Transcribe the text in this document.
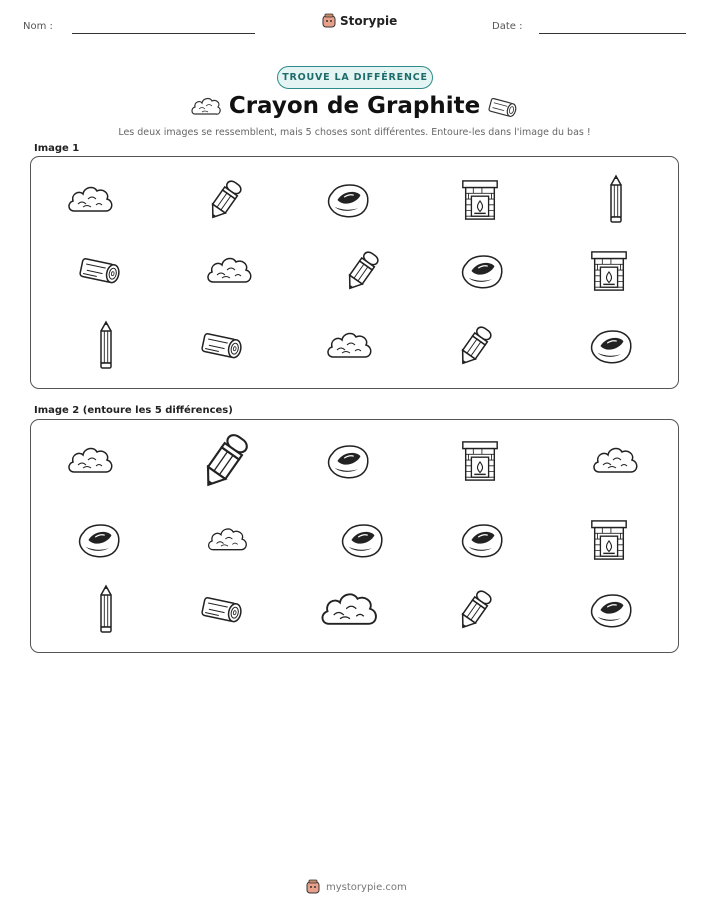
Nom :	Storypie	Date :
TROUVE LA DIFFÉRENCE
Crayon de Graphite
Les deux images se ressemblent, mais 5 choses sont différentes. Entoure-les dans l'image du bas !
Image 1
Image 2 (entoure les 5 différences)
mystorypie.com
